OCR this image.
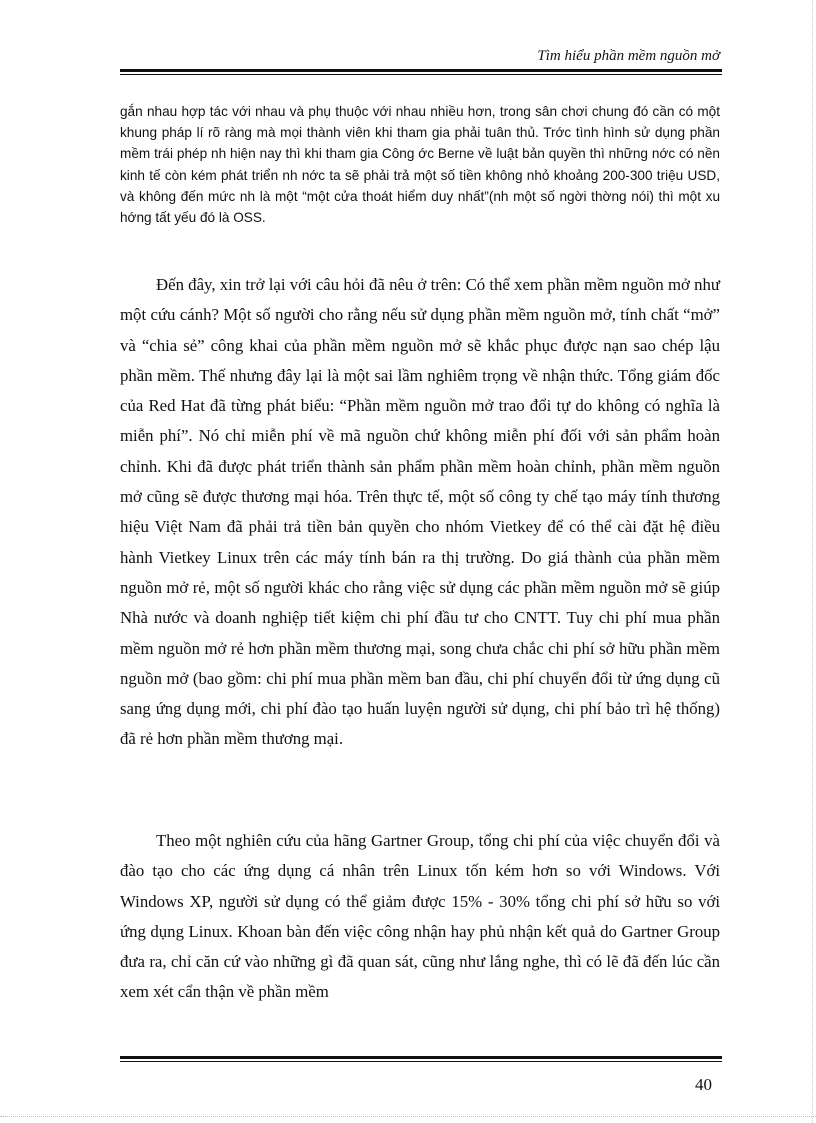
Tìm hiểu phần mềm nguồn mở

gắn nhau hợp tác với nhau và phụ thuộc với nhau nhiều hơn, trong sân chơi chung đó cần có một khung pháp lí rõ ràng mà mọi thành viên khi tham gia phải tuân thủ. Trớc tình hình sử dụng phần mềm trái phép nh hiện nay thì khi tham gia Công ớc Berne về luật bản quyền thì những nớc có nền kinh tế còn kém phát triển nh nớc ta sẽ phải trả một số tiền không nhỏ khoảng 200-300 triệu USD, và không đến mức nh là một “một cửa thoát hiểm duy nhất”(nh một số ngời thờng nói) thì một xu hớng tất yếu đó là OSS.

Đến đây, xin trở lại với câu hỏi đã nêu ở trên: Có thể xem phần mềm nguồn mở như một cứu cánh? Một số người cho rằng nếu sử dụng phần mềm nguồn mở, tính chất “mở” và “chia sẻ” công khai của phần mềm nguồn mở sẽ khắc phục được nạn sao chép lậu phần mềm. Thế nhưng đây lại là một sai lầm nghiêm trọng về nhận thức. Tổng giám đốc của Red Hat đã từng phát biểu: “Phần mềm nguồn mở trao đổi tự do không có nghĩa là miễn phí”. Nó chỉ miễn phí về mã nguồn chứ không miễn phí đối với sản phẩm hoàn chỉnh. Khi đã được phát triển thành sản phẩm phần mềm hoàn chỉnh, phần mềm nguồn mở cũng sẽ được thương mại hóa. Trên thực tế, một số công ty chế tạo máy tính thương hiệu Việt Nam đã phải trả tiền bản quyền cho nhóm Vietkey để có thể cài đặt hệ điều hành Vietkey Linux trên các máy tính bán ra thị trường. Do giá thành của phần mềm nguồn mở rẻ, một số người khác cho rằng việc sử dụng các phần mềm nguồn mở sẽ giúp Nhà nước và doanh nghiệp tiết kiệm chi phí đầu tư cho CNTT. Tuy chi phí mua phần mềm nguồn mở rẻ hơn phần mềm thương mại, song chưa chắc chi phí sở hữu phần mềm nguồn mở (bao gồm: chi phí mua phần mềm ban đầu, chi phí chuyển đổi từ ứng dụng cũ sang ứng dụng mới, chi phí đào tạo huấn luyện người sử dụng, chi phí bảo trì hệ thống) đã rẻ hơn phần mềm thương mại.

Theo một nghiên cứu của hãng Gartner Group, tổng chi phí của việc chuyển đổi và đào tạo cho các ứng dụng cá nhân trên Linux tốn kém hơn so với Windows. Với Windows XP, người sử dụng có thể giảm được 15% - 30% tổng chi phí sở hữu so với ứng dụng Linux. Khoan bàn đến việc công nhận hay phủ nhận kết quả do Gartner Group đưa ra, chỉ căn cứ vào những gì đã quan sát, cũng như lắng nghe, thì có lẽ đã đến lúc cần xem xét cẩn thận về phần mềm

40
